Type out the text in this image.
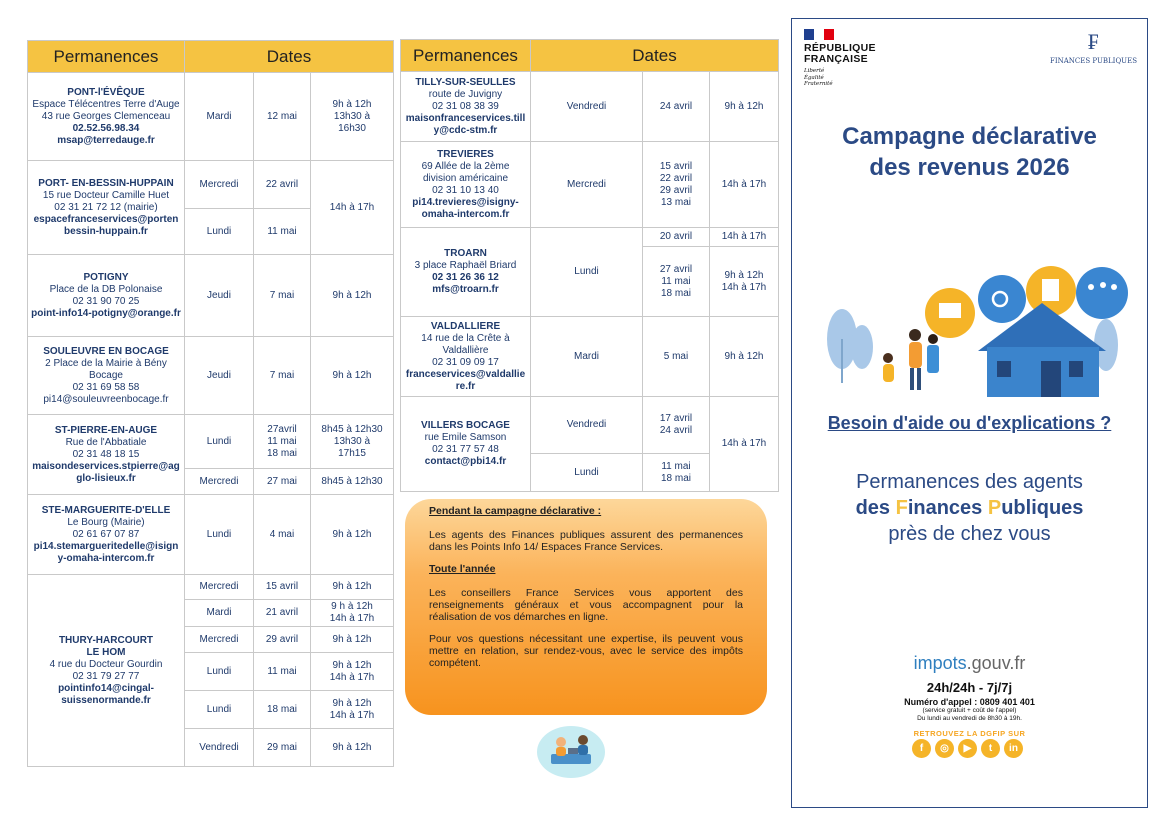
Permanences	Dates		

PONT-l'ÉVÊQUE
Espace Télécentres Terre d'Auge
43 rue Georges Clemenceau
02.52.56.98.34
msap@terredauge.fr	Mardi	12 mai	9h à 12h
13h30 à
16h30

PORT- EN-BESSIN-HUPPAIN
15 rue Docteur Camille Huet
02 31 21 72 12 (mairie)
espacefranceservices@portenbessin-huppain.fr	Mercredi	22 avril	14h à 17h
	Lundi	11 mai	

POTIGNY
Place de la DB Polonaise
02 31 90 70 25
point-info14-potigny@orange.fr	Jeudi	7 mai	9h à 12h

SOULEUVRE EN BOCAGE
2 Place de la Mairie à Bény Bocage
02 31 69 58 58
pi14@souleuvreenbocage.fr	Jeudi	7 mai	9h à 12h

ST-PIERRE-EN-AUGE
Rue de l'Abbatiale
02 31 48 18 15
maisondeservices.stpierre@agglo-lisieux.fr	Lundi	27avril
11 mai
18 mai	8h45 à 12h30
13h30 à
17h15
	Mercredi	27 mai	8h45 à 12h30

STE-MARGUERITE-D'ELLE
Le Bourg (Mairie)
02 61 67 07 87
pi14.stemargueritedelle@isigny-omaha-intercom.fr	Lundi	4 mai	9h à 12h

THURY-HARCOURT
LE HOM
4 rue du Docteur Gourdin
02 31 79 27 77
pointinfo14@cingal-suissenormande.fr	Mercredi	15 avril	9h à 12h
	Mardi	21 avril	9 h à 12h
14h à 17h
	Mercredi	29 avril	9h à 12h
	Lundi	11 mai	9h à 12h
14h à 17h
	Lundi	18 mai	9h à 12h
14h à 17h
	Vendredi	29 mai	9h à 12h
Permanences	Dates		

TILLY-SUR-SEULLES
route de Juvigny
02 31 08 38 39
maisonfranceservices.tilly@cdc-stm.fr	Vendredi	24 avril	9h à 12h

TREVIERES
69 Allée de la 2ème division américaine
02 31 10 13 40
pi14.trevieres@isigny-omaha-intercom.fr	Mercredi	15 avril
22 avril
29 avril
13 mai	14h à 17h

TROARN
3 place Raphaël Briard
02 31 26 36 12
mfs@troarn.fr	Lundi	20 avril	14h à 17h
		27 avril
11 mai
18 mai	9h à 12h
14h à 17h

VALDALLIERE
14 rue de la Crête à Valdallière
02 31 09 09 17
franceservices@valdalliere.fr	Mardi	5 mai	9h à 12h

VILLERS BOCAGE
rue Emile Samson
02 31 77 57 48
contact@pbi14.fr	Vendredi	17 avril
24 avril	14h à 17h
	Lundi	11 mai
18 mai	

Pendant la campagne déclarative :

Les agents des Finances publiques assurent des permanences dans les Points Info 14/ Espaces France Services.

Toute l'année

Les conseillers France Services vous apportent des renseignements généraux et vous accompagnent pour la réalisation de vos démarches en ligne.

Pour vos questions nécessitant une expertise, ils peuvent vous mettre en relation, sur rendez-vous, avec le service des impôts compétent.

RÉPUBLIQUE
FRANÇAISE
Liberté
Égalité
Fraternité
₣
FINANCES PUBLIQUES
Campagne déclarative
des revenus 2026
Besoin d'aide ou d'explications ?
Permanences des agents
des Finances Publiques
près de chez vous
impots.gouv.fr
24h/24h - 7j/7j
Numéro d'appel : 0809 401 401
(service gratuit + coût de l'appel)
Du lundi au vendredi de 8h30 à 19h.
RETROUVEZ LA DGFIP SUR
f	◎	▶	t	in
